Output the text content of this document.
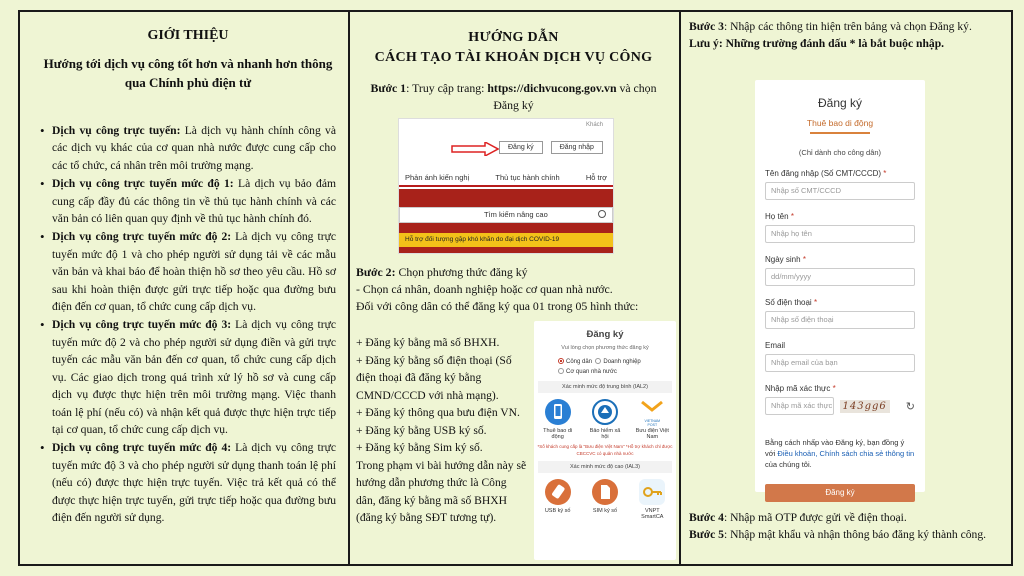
GIỚI THIỆU
Hướng tới dịch vụ công tốt hơn và nhanh hơn thông qua Chính phủ điện tử
• Dịch vụ công trực tuyến: Là dịch vụ hành chính công và các dịch vụ khác của cơ quan nhà nước được cung cấp cho các tổ chức, cá nhân trên môi trường mạng.
• Dịch vụ công trực tuyến mức độ 1: Là dịch vụ bảo đảm cung cấp đầy đủ các thông tin về thủ tục hành chính và các văn bản có liên quan quy định về thủ tục hành chính đó.
• Dịch vụ công trực tuyến mức độ 2: Là dịch vụ công trực tuyến mức độ 1 và cho phép người sử dụng tải về các mẫu văn bản và khai báo để hoàn thiện hồ sơ theo yêu cầu. Hồ sơ sau khi hoàn thiện được gửi trực tiếp hoặc qua đường bưu điện đến cơ quan, tổ chức cung cấp dịch vụ.
• Dịch vụ công trực tuyến mức độ 3: Là dịch vụ công trực tuyến mức độ 2 và cho phép người sử dụng điền và gửi trực tuyến các mẫu văn bản đến cơ quan, tổ chức cung cấp dịch vụ. Các giao dịch trong quá trình xử lý hồ sơ và cung cấp dịch vụ được thực hiện trên môi trường mạng. Việc thanh toán lệ phí (nếu có) và nhận kết quả được thực hiện trực tiếp tại cơ quan, tổ chức cung cấp dịch vụ.
• Dịch vụ công trực tuyến mức độ 4: Là dịch vụ công trực tuyến mức độ 3 và cho phép người sử dụng thanh toán lệ phí (nếu có) được thực hiện trực tuyến. Việc trả kết quả có thể được thực hiện trực tuyến, gửi trực tiếp hoặc qua đường bưu điện đến người sử dụng.
HƯỚNG DẪN
CÁCH TẠO TÀI KHOẢN DỊCH VỤ CÔNG
Bước 1: Truy cập trang: https://dichvucong.gov.vn và chọn Đăng ký
Khách
Đăng ký	Đăng nhập
Phản ánh kiến nghị	Thủ tục hành chính	Hỗ trợ
Tìm kiếm nâng cao
Hỗ trợ đối tượng gặp khó khăn do đại dịch COVID-19
Bước 2: Chọn phương thức đăng ký
- Chọn cá nhân, doanh nghiệp hoặc cơ quan nhà nước.
Đối với công dân có thể đăng ký qua 01 trong 05 hình thức:
+ Đăng ký bằng mã số BHXH.
+ Đăng ký bằng số điện thoại (Số điện thoại đã đăng ký bằng CMND/CCCD với nhà mạng).
+ Đăng ký thông qua bưu điện VN.
+ Đăng ký bằng USB ký số.
+ Đăng ký bằng Sim ký số.
Trong phạm vi bài hướng dẫn này sẽ hướng dẫn phương thức là Công dân, đăng ký bằng mã số BHXH (đăng ký bằng SĐT tương tự).
Đăng ký
Vui lòng chọn phương thức đăng ký
Công dân Doanh nghiệp
Cơ quan nhà nước
Xác minh mức độ trung bình (IAL2)
Thuê bao di động
Bảo hiểm xã hội
VIETNAM POST
Bưu điện Việt Nam
*Số khách cung cấp là "Bưu điện Việt Nam" *Hỗ trợ khách chỉ được CBCCVC có quản nhà nước
Xác minh mức độ cao (IAL3)
USB ký số	SIM ký số	VNPT SmartCA
Bước 3: Nhập các thông tin hiện trên bảng và chọn Đăng ký.
Lưu ý: Những trường đánh dấu * là bắt buộc nhập.
Đăng ký
Thuê bao di động
(Chỉ dành cho công dân)
Tên đăng nhập (Số CMT/CCCD) *
Nhập số CMT/CCCD
Họ tên *
Nhập họ tên
Ngày sinh *
dd/mm/yyyy
Số điện thoại *
Nhập số điện thoại
Email
Nhập email của bạn
Nhập mã xác thực *
Nhập mã xác thực	143gg6 ↻
Bằng cách nhấp vào Đăng ký, bạn đồng ý với Điều khoản, Chính sách chia sẻ thông tin của chúng tôi.
Đăng ký
Bước 4: Nhập mã OTP được gửi về điện thoại.
Bước 5: Nhập mật khẩu và nhận thông báo đăng ký thành công.
